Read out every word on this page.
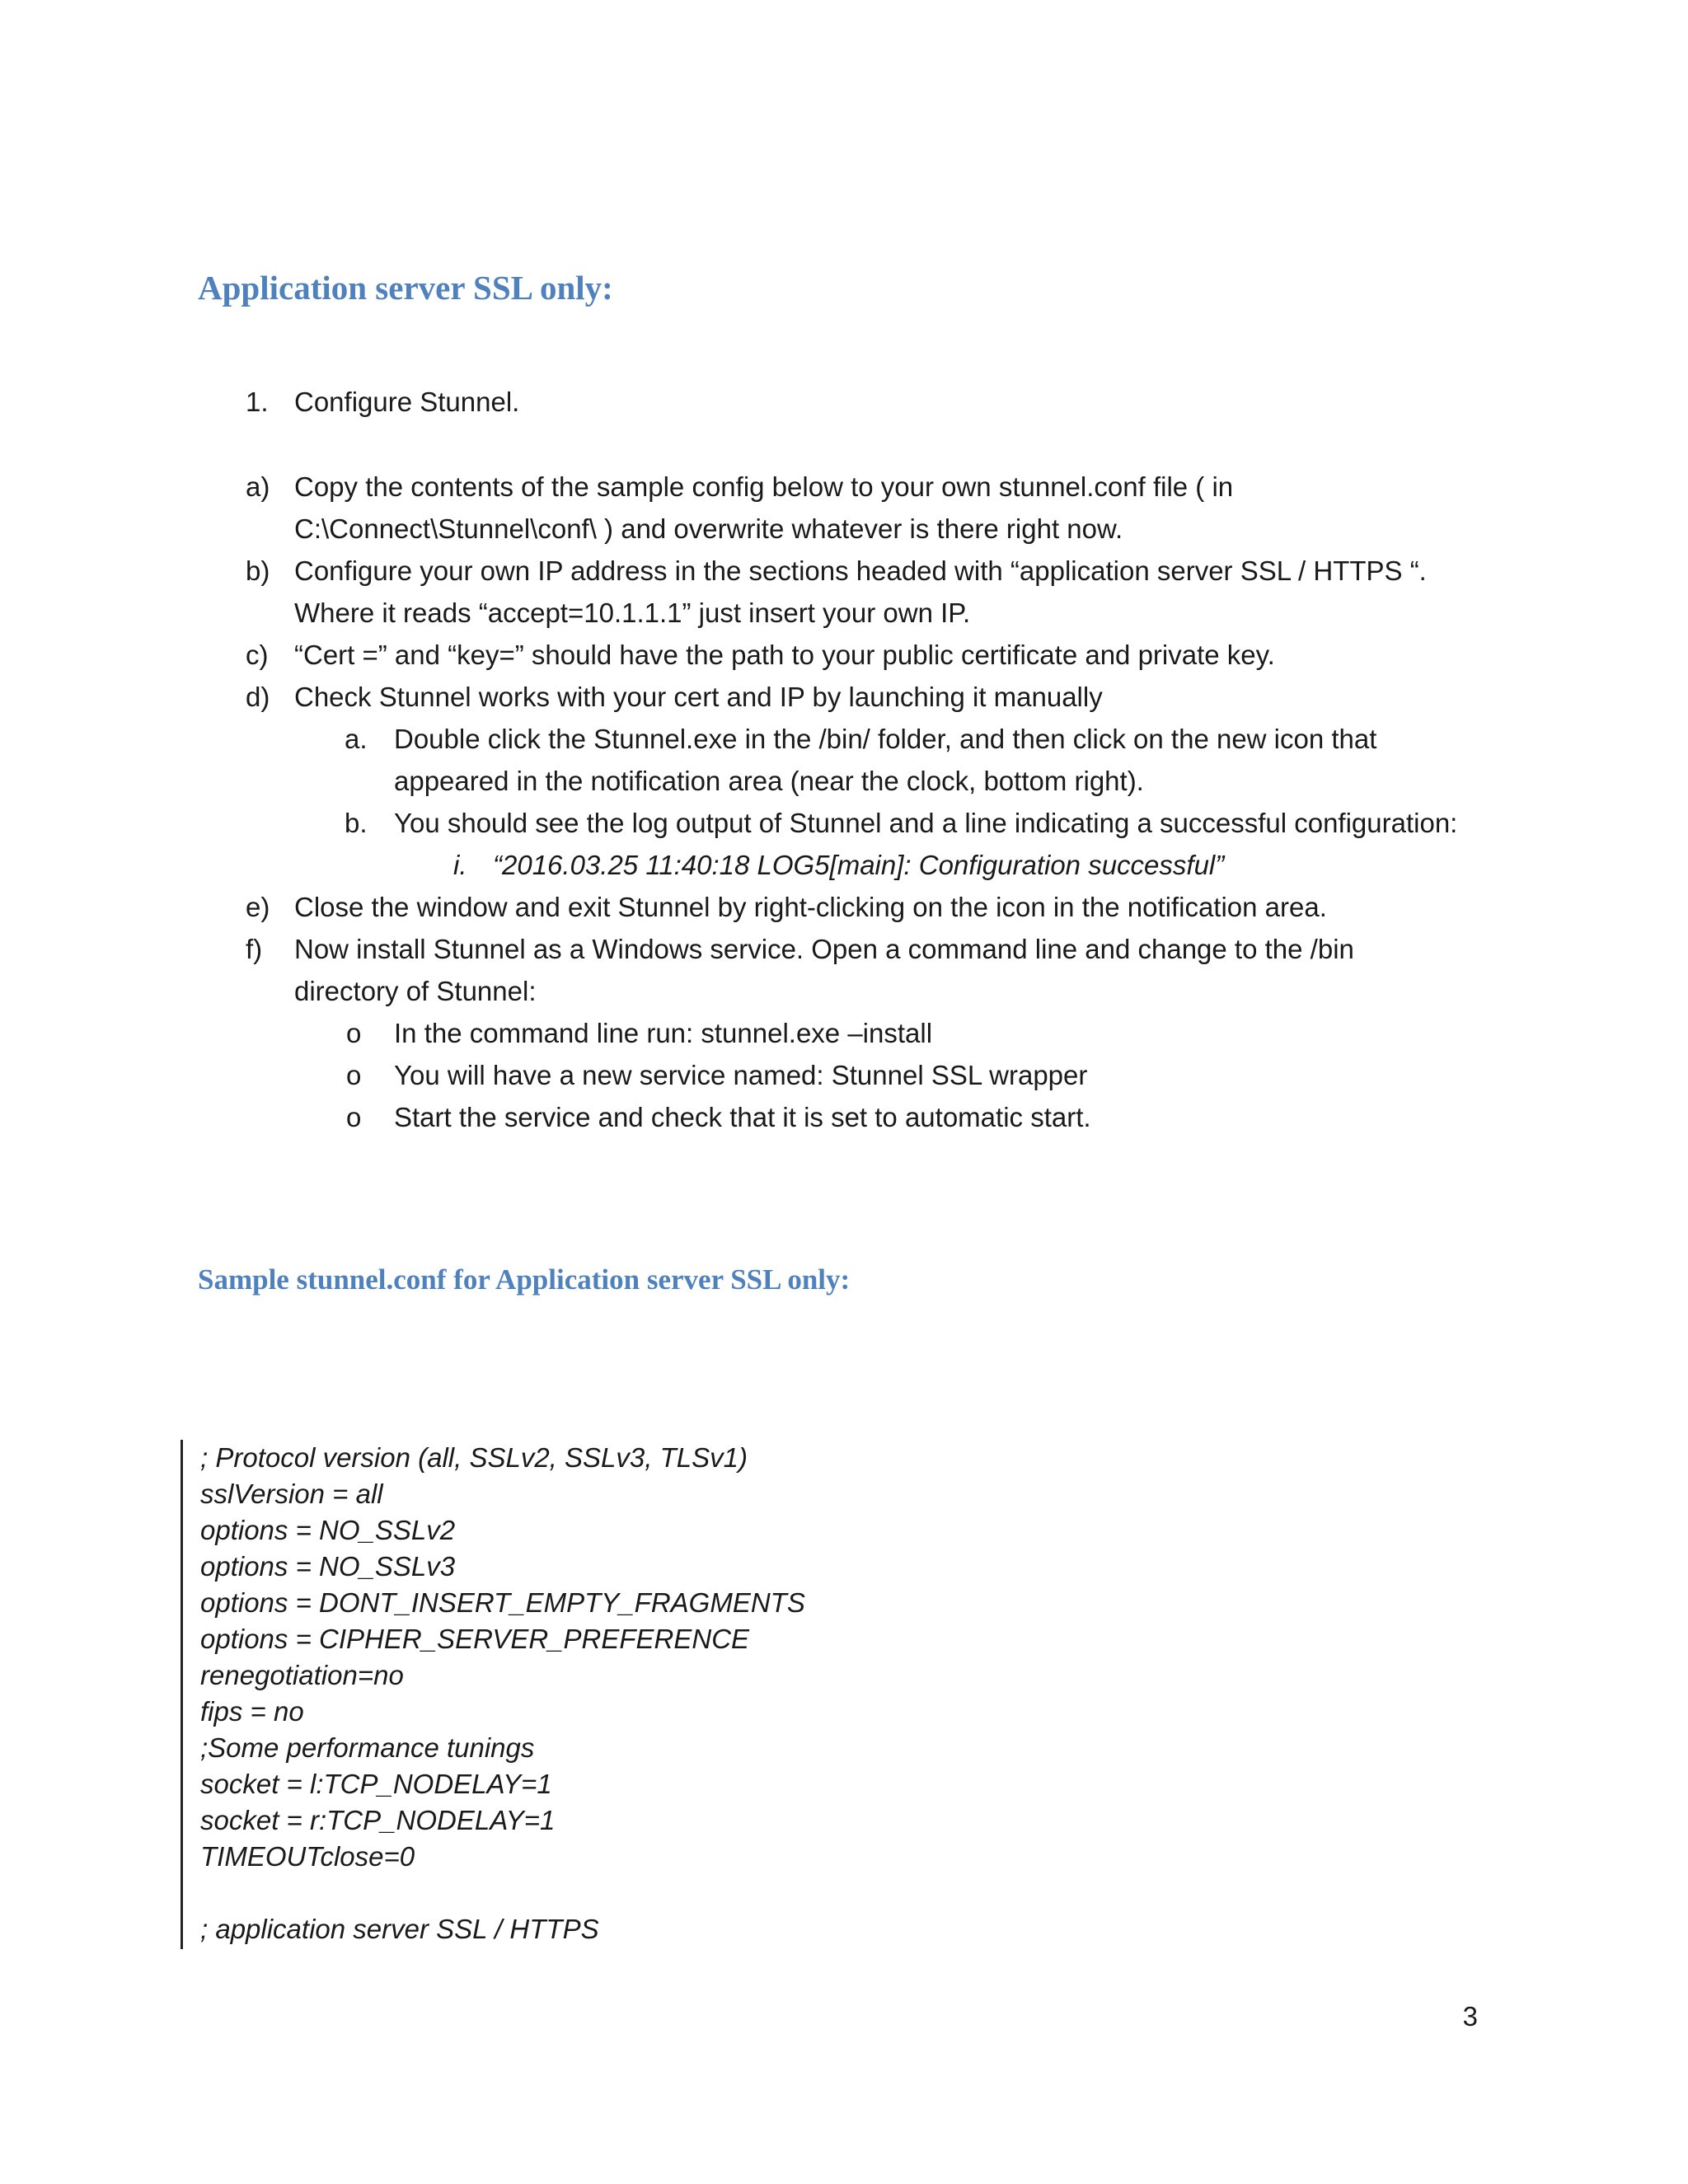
Application server SSL only:
1. Configure Stunnel.
a) Copy the contents of the sample config below to your own stunnel.conf file ( in
C:\Connect\Stunnel\conf\ ) and overwrite whatever is there right now.
b) Configure your own IP address in the sections headed with “application server SSL / HTTPS “.
Where it reads “accept=10.1.1.1” just insert your own IP.
c) “Cert =” and “key=” should have the path to your public certificate and private key.
d) Check Stunnel works with your cert and IP by launching it manually
a. Double click the Stunnel.exe in the /bin/ folder, and then click on the new icon that
appeared in the notification area (near the clock, bottom right).
b. You should see the log output of Stunnel and a line indicating a successful configuration:
i. “2016.03.25 11:40:18 LOG5[main]: Configuration successful”
e) Close the window and exit Stunnel by right-clicking on the icon in the notification area.
f) Now install Stunnel as a Windows service. Open a command line and change to the /bin
directory of Stunnel:
o In the command line run: stunnel.exe –install
o You will have a new service named: Stunnel SSL wrapper
o Start the service and check that it is set to automatic start.
Sample stunnel.conf for Application server SSL only:
; Protocol version (all, SSLv2, SSLv3, TLSv1)
sslVersion = all
options = NO_SSLv2
options = NO_SSLv3
options = DONT_INSERT_EMPTY_FRAGMENTS
options = CIPHER_SERVER_PREFERENCE
renegotiation=no
fips = no
;Some performance tunings
socket = l:TCP_NODELAY=1
socket = r:TCP_NODELAY=1
TIMEOUTclose=0
; application server SSL / HTTPS
3
